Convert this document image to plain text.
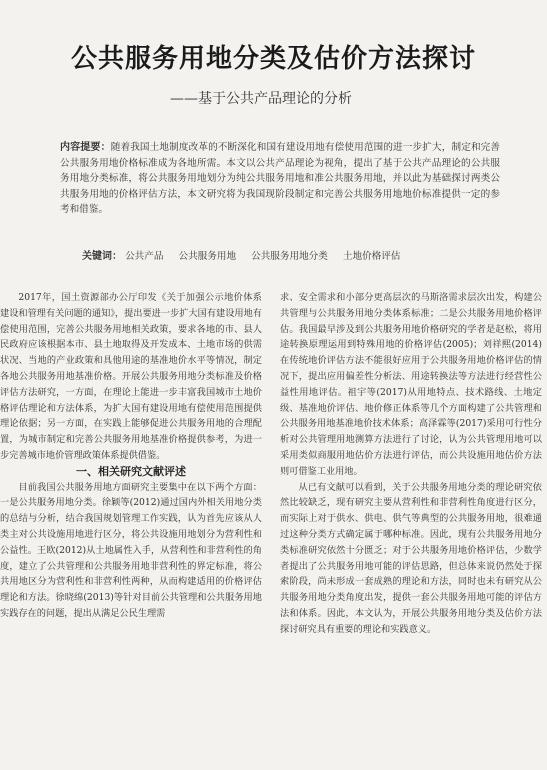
公共服务用地分类及估价方法探讨
——基于公共产品理论的分析
内容提要：随着我国土地制度改革的不断深化和国有建设用地有偿使用范围的进一步扩大，制定和完善公共服务用地价格标准成为各地所需。本文以公共产品理论为视角，提出了基于公共产品理论的公共服务用地分类标准，将公共服务用地划分为纯公共服务用地和准公共服务用地，并以此为基础探讨两类公共服务用地的价格评估方法，本文研究将为我国现阶段制定和完善公共服务用地地价标准提供一定的参考和借鉴。
关键词： 公共产品 公共服务用地 公共服务用地分类 土地价格评估

2017年，国土资源部办公厅印发《关于加强公示地价体系建设和管理有关问题的通知》，提出要进一步扩大国有建设用地有偿使用范围，完善公共服务用地相关政策，要求各地的市、县人民政府应该根据本市、县土地取得及开发成本、土地市场的供需状况、当地的产业政策和具他用途的基准地价水平等情况，制定各地公共服务用地基准价格。开展公共服务用地分类标准及价格评估方法研究，一方面，在理论上能进一步丰富我国城市土地价格评估理论和方法体系，为扩大国有建设用地有偿使用范围提供理论依据；另一方面，在实践上能够促进公共服务用地的合理配置，为城市制定和完善公共服务用地基准价格提供参考，为进一步完善城市地价管理政策体系提供借鉴。

一、相关研究文献评述

目前我国公共服务用地方面研究主要集中在以下两个方面：一是公共服务用地分类。徐颖等(2012)通过国内外相关用地分类的总结与分析，结合我国规划管理工作实践，认为首先应该从人类主对公共设施用地进行区分，将公共设施用地划分为营利性和公益性。王欧(2012)从土地属性入手，从营利性和非营利性的角度，建立了公共管理和公共服务用地非营利性的界定标准，将公共用地区分为营利性和非营利性两种，从而构建适用的价格评估理论和方法。徐晓绵(2013)等针对目前公共管理和公共服务用地实践存在的问题，提出从满足公民生理需

求、安全需求和小部分更高层次的马斯洛需求层次出发，构建公共管理与公共服务用地分类体系标准；二是公共服务用地价格评估。我国最早涉及到公共服务用地价格研究的学者是赵松，将用途转换原理运用到特殊用地的价格评估(2005)；刘祥熙(2014)在传统地价评估方法不能很好应用于公共服务用地价格评估的情况下，提出应用偏差性分析法、用途转换法等方法进行经营性公益性用地评估。祖宇等(2017)从用地特点、技术路线、土地定级、基准地价评估、地价修正体系等几个方面构建了公共管理和公共服务用地基准地价技术体系；高泽霖等(2017)采用可行性分析对公共管理用地测算方法进行了讨论，认为公共管理用地可以采用类似商服用地估价方法进行评估，而公共设施用地估价方法则可借鉴工业用地。

从已有文献可以看到，关于公共服务用地分类的理论研究依然比较缺乏，现有研究主要从营利性和非营利性角度进行区分，而实际上对于供水、供电、供气等典型的公共服务用地，很难通过这种分类方式确定属于哪种标准。因此，现有公共服务用地分类标准研究依然十分匮乏；对于公共服务用地价格评估，少数学者提出了公共服务用地可能的评估思路，但总体来说仍然处于探索阶段，尚未形成一套成熟的理论和方法，同时也未有研究从公共服务用地分类角度出发，提供一套公共服务用地可能的评估方法和体系。因此，本文认为，开展公共服务用地分类及估价方法探讨研究具有重要的理论和实践意义。
